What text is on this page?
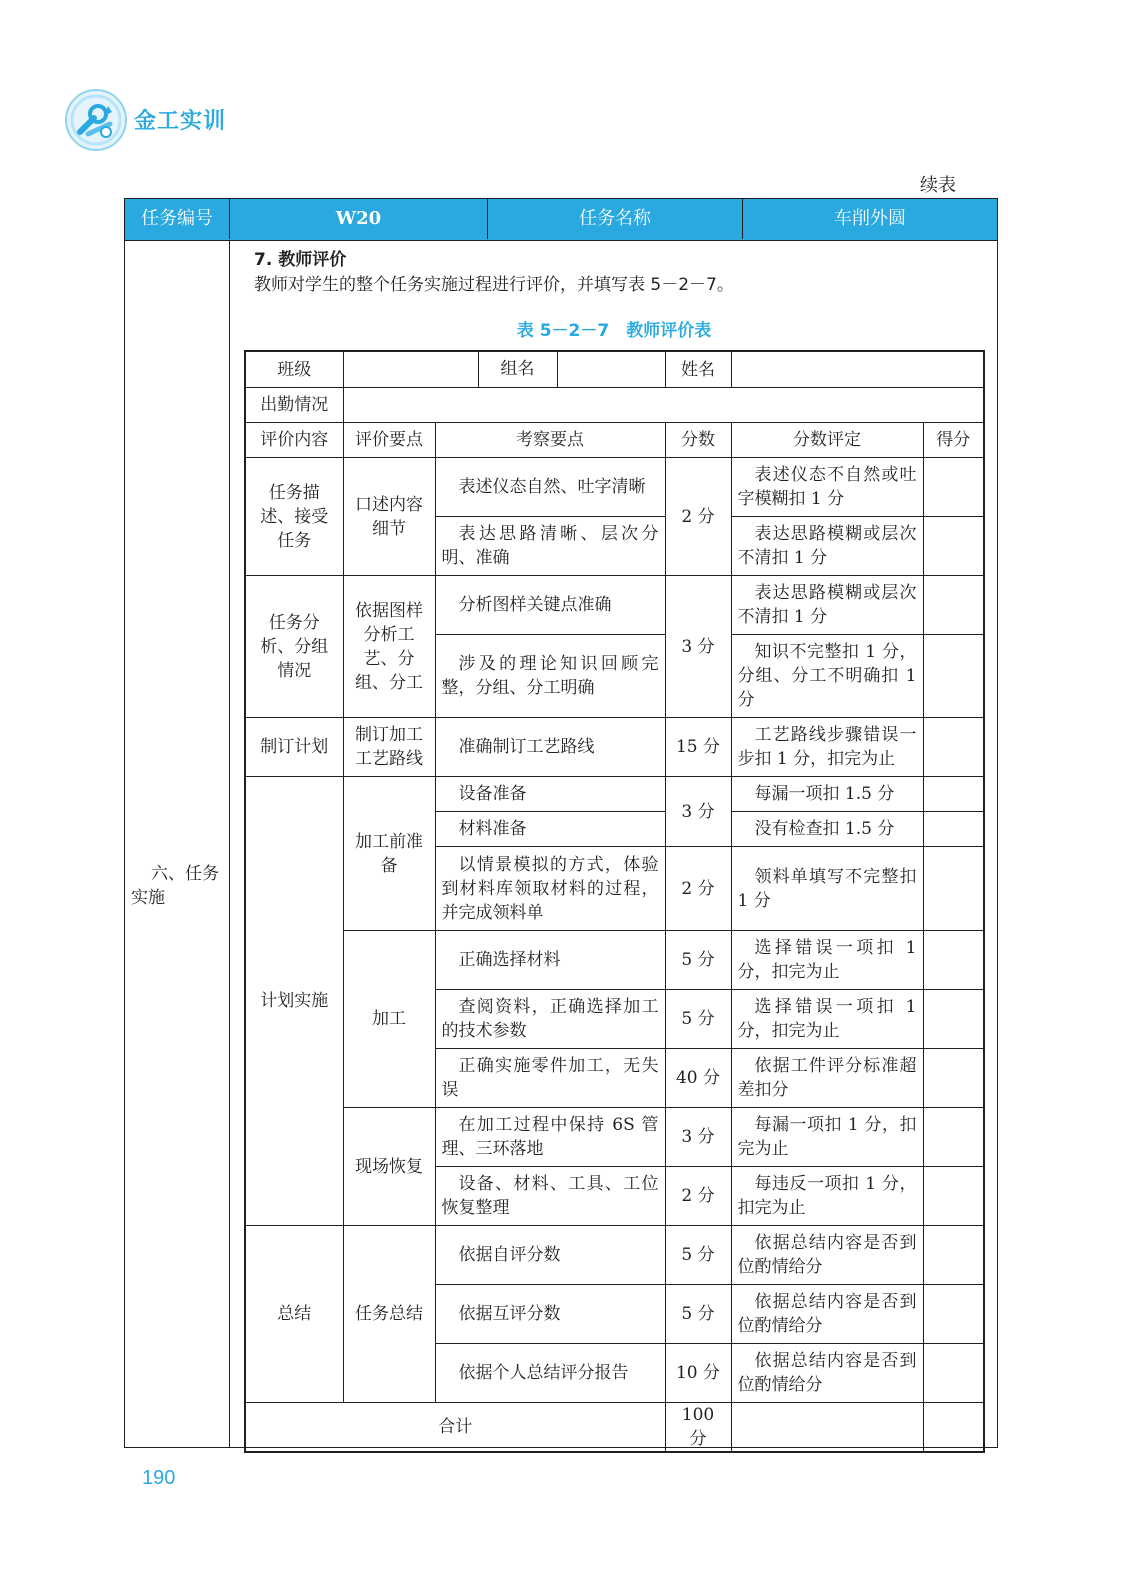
金工实训
续表
任务编号	W20	任务名称	车削外圆
六、任务实施
7. 教师评价
教师对学生的整个任务实施过程进行评价，并填写表 5－2－7。
表 5－2－7　教师评价表
班级	组名		姓名		
出勤情况					
评价内容	评价要点	考察要点	分数	分数评定	得分
任务描述、接受任务	口述内容细节	表述仪态自然、吐字清晰	2 分	表述仪态不自然或吐字模糊扣 1 分	
		表达思路清晰、层次分明、准确		表达思路模糊或层次不清扣 1 分	
任务分析、分组情况	依据图样分析工艺、分组、分工	分析图样关键点准确	3 分	表达思路模糊或层次不清扣 1 分	
		涉及的理论知识回顾完整，分组、分工明确		知识不完整扣 1 分，分组、分工不明确扣 1 分	
制订计划	制订加工工艺路线	准确制订工艺路线	15 分	工艺路线步骤错误一步扣 1 分，扣完为止	
计划实施	加工前准备	设备准备	3 分	每漏一项扣 1.5 分	
		材料准备		没有检查扣 1.5 分	
		以情景模拟的方式，体验到材料库领取材料的过程，并完成领料单	2 分	领料单填写不完整扣 1 分	
	加工	正确选择材料	5 分	选择错误一项扣 1 分，扣完为止	
		查阅资料，正确选择加工的技术参数	5 分	选择错误一项扣 1 分，扣完为止	
		正确实施零件加工，无失误	40 分	依据工件评分标准超差扣分	
	现场恢复	在加工过程中保持 6S 管理、三环落地	3 分	每漏一项扣 1 分，扣完为止	
		设备、材料、工具、工位恢复整理	2 分	每违反一项扣 1 分，扣完为止	
总结	任务总结	依据自评分数	5 分	依据总结内容是否到位酌情给分	
		依据互评分数	5 分	依据总结内容是否到位酌情给分	
		依据个人总结评分报告	10 分	依据总结内容是否到位酌情给分	
合计			100 分		
190
